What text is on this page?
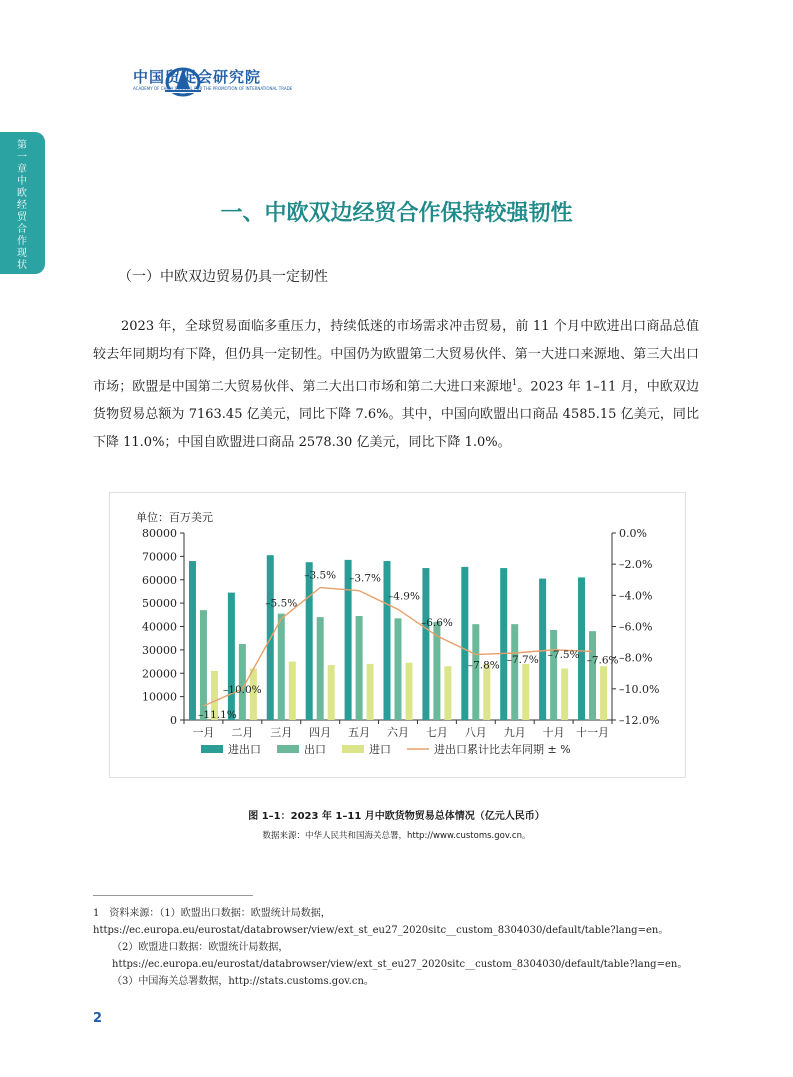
中国贸促会研究院
ACADEMY OF CHINA COUNCIL FOR THE PROMOTION OF INTERNATIONAL TRADE
第一章 中欧经贸合作现状
一、中欧双边经贸合作保持较强韧性
（一）中欧双边贸易仍具一定韧性
2023 年，全球贸易面临多重压力，持续低迷的市场需求冲击贸易，前 11 个月中欧进出口商品总值较去年同期均有下降，但仍具一定韧性。中国仍为欧盟第二大贸易伙伴、第一大进口来源地、第三大出口市场；欧盟是中国第二大贸易伙伴、第二大出口市场和第二大进口来源地$^1$。2023 年 1–11 月，中欧双边货物贸易总额为 7163.45 亿美元，同比下降 7.6%。其中，中国向欧盟出口商品 4585.15 亿美元，同比下降 11.0%；中国自欧盟进口商品 2578.30 亿美元，同比下降 1.0%。
单位：百万美元
0
10000
20000
30000
40000
50000
60000
70000
80000	0.0%
–2.0%
–4.0%
–6.0%
–8.0%
–10.0%
–12.0%
一月 二月 三月 四月 五月 六月 七月 八月 九月 十月 十一月
–11.1%
–10.0%
–5.5%
–3.5% –3.7%
–4.9%
–6.6%
–7.8% –7.7% –7.5% –7.6%
进出口	出口	进口	进出口累计比去年同期 ± %
图 1–1：2023 年 1–11 月中欧货物贸易总体情况（亿元人民币）
数据来源：中华人民共和国海关总署，http://www.customs.gov.cn。
1　资料来源：（1）欧盟出口数据：欧盟统计局数据，https://ec.europa.eu/eurostat/databrowser/view/ext_st_eu27_2020sitc__custom_8304030/default/table?lang=en。
（2）欧盟进口数据：欧盟统计局数据，https://ec.europa.eu/eurostat/databrowser/view/ext_st_eu27_2020sitc__custom_8304030/default/table?lang=en。
（3）中国海关总署数据，http://stats.customs.gov.cn。
2
